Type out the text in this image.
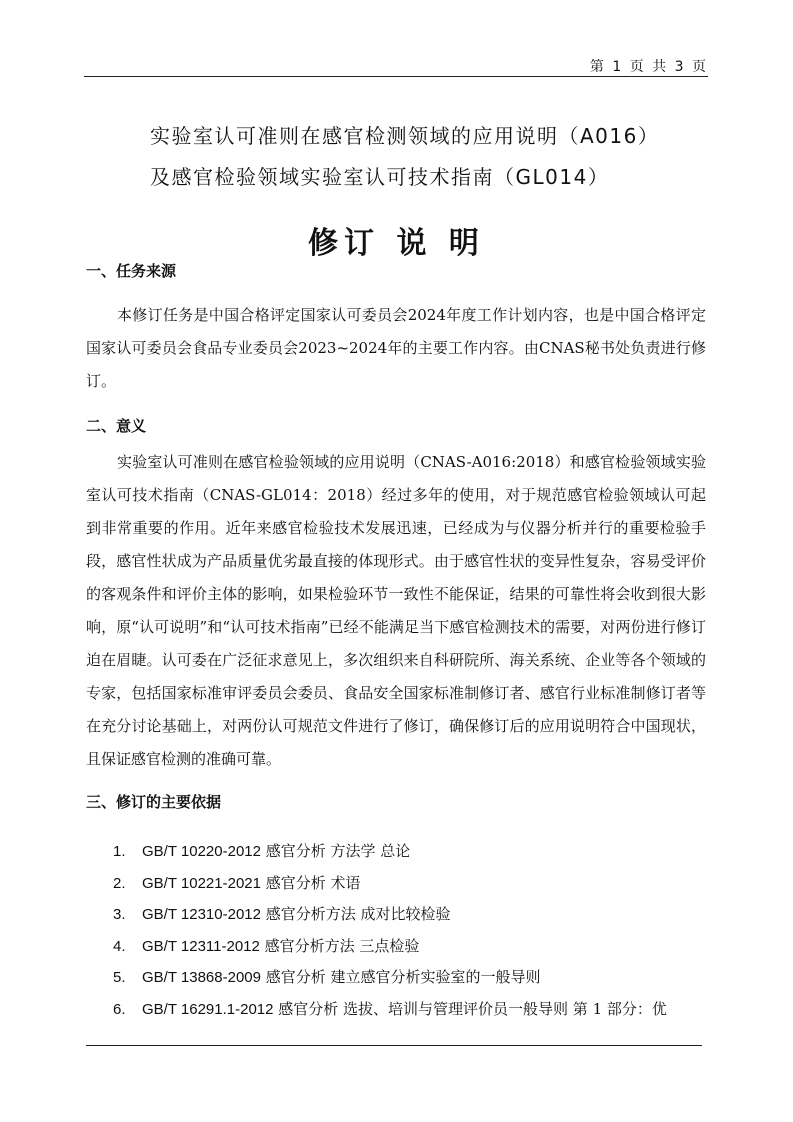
第 1 页 共 3 页
实验室认可准则在感官检测领域的应用说明（A016）
及感官检验领域实验室认可技术指南（GL014）
修订 说 明
一、任务来源
本修订任务是中国合格评定国家认可委员会2024年度工作计划内容，也是中国合格评定国家认可委员会食品专业委员会2023~2024年的主要工作内容。由CNAS秘书处负责进行修订。
二、意义
实验室认可准则在感官检验领域的应用说明（CNAS-A016:2018）和感官检验领域实验室认可技术指南（CNAS-GL014：2018）经过多年的使用，对于规范感官检验领域认可起到非常重要的作用。近年来感官检验技术发展迅速，已经成为与仪器分析并行的重要检验手段，感官性状成为产品质量优劣最直接的体现形式。由于感官性状的变异性复杂，容易受评价的客观条件和评价主体的影响，如果检验环节一致性不能保证，结果的可靠性将会收到很大影响，原“认可说明”和“认可技术指南”已经不能满足当下感官检测技术的需要，对两份进行修订迫在眉睫。认可委在广泛征求意见上，多次组织来自科研院所、海关系统、企业等各个领域的专家，包括国家标准审评委员会委员、食品安全国家标准制修订者、感官行业标准制修订者等在充分讨论基础上，对两份认可规范文件进行了修订，确保修订后的应用说明符合中国现状，且保证感官检测的准确可靠。
三、修订的主要依据
1. GB/T 10220-2012 感官分析 方法学 总论
2. GB/T 10221-2021 感官分析 术语
3. GB/T 12310-2012 感官分析方法 成对比较检验
4. GB/T 12311-2012 感官分析方法 三点检验
5. GB/T 13868-2009 感官分析 建立感官分析实验室的一般导则
6. GB/T 16291.1-2012 感官分析 选拔、培训与管理评价员一般导则 第 1 部分：优
